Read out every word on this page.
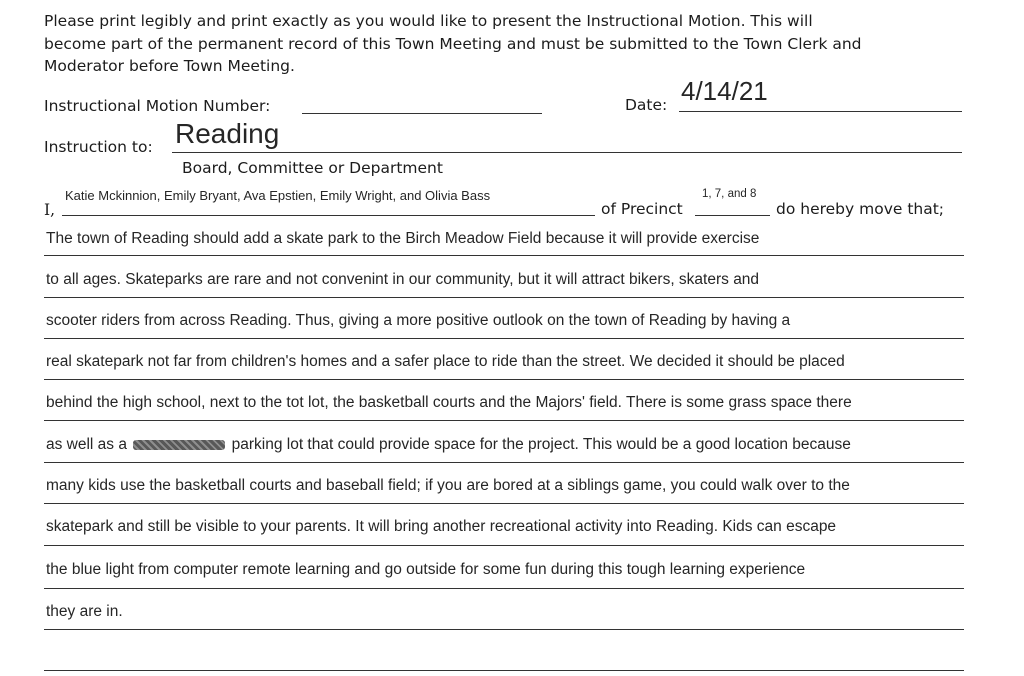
Please print legibly and print exactly as you would like to present the Instructional Motion. This will
become part of the permanent record of this Town Meeting and must be submitted to the Town Clerk and
Moderator before Town Meeting.
Instructional Motion Number:	Date: 4/14/21
Instruction to: Reading
Board, Committee or Department
I,
Katie Mckinnion, Emily Bryant, Ava Epstien, Emily Wright, and Olivia Bass
of Precinct
1, 7, and 8
do hereby move that;
The town of Reading should add a skate park to the Birch Meadow Field because it will provide exercise
to all ages. Skateparks are rare and not convenint in our community, but it will attract bikers, skaters and
scooter riders from across Reading. Thus, giving a more positive outlook on the town of Reading by having a
real skatepark not far from children's homes and a safer place to ride than the street. We decided it should be placed
behind the high school, next to the tot lot, the basketball courts and the Majors' field. There is some grass space there
as well as a	parking lot that could provide space for the project. This would be a good location because
many kids use the basketball courts and baseball field; if you are bored at a siblings game, you could walk over to the
skatepark and still be visible to your parents. It will bring another recreational activity into Reading. Kids can escape
the blue light from computer remote learning and go outside for some fun during this tough learning experience
they are in.
